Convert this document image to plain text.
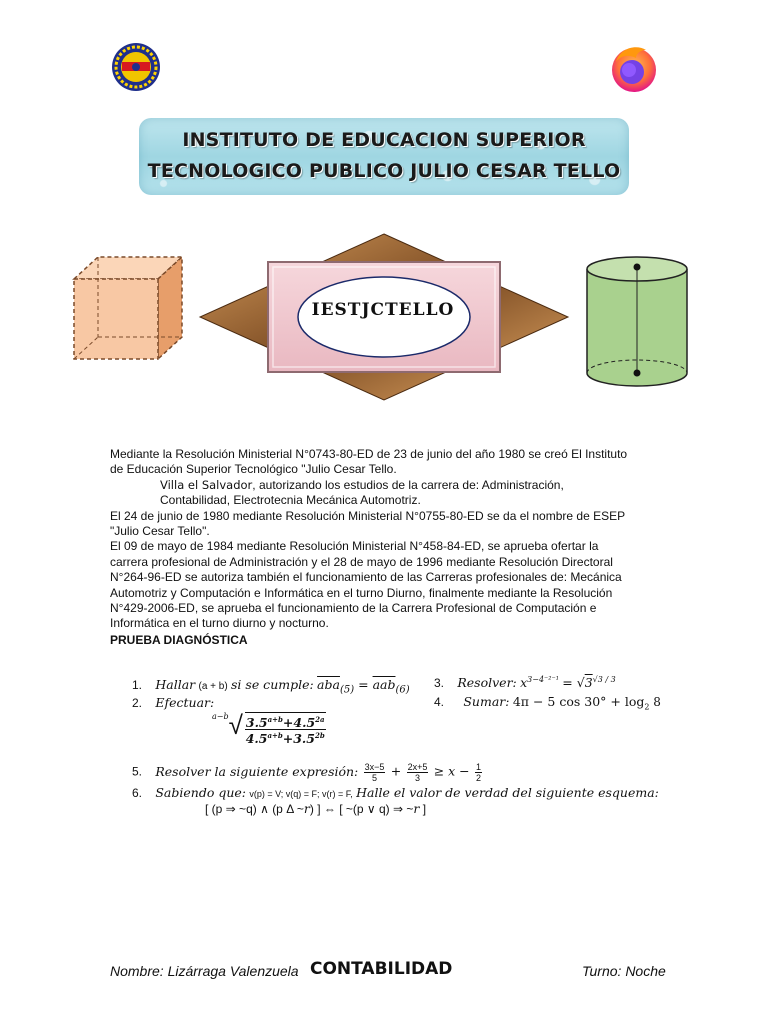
INSTITUTO DE EDUCACION SUPERIOR
TECNOLOGICO PUBLICO JULIO CESAR TELLO
IESTJCTELLO

Mediante la Resolución Ministerial N°0743-80-ED de 23 de junio del año 1980 se creó El Instituto de Educación Superior Tecnológico "Julio Cesar Tello.

Villa el Salvador, autorizando los estudios de la carrera de: Administración, Contabilidad, Electrotecnia Mecánica Automotriz.

El 24 de junio de 1980 mediante Resolución Ministerial N°0755-80-ED se da el nombre de ESEP "Julio Cesar Tello".

El 09 de mayo de 1984 mediante Resolución Ministerial N°458-84-ED, se aprueba ofertar la carrera profesional de Administración y el 28 de mayo de 1996 mediante Resolución Directoral N°264-96-ED se autoriza también el funcionamiento de las Carreras profesionales de: Mecánica Automotriz y Computación e Informática en el turno Diurno, finalmente mediante la Resolución N°429-2006-ED, se aprueba el funcionamiento de la Carrera Profesional de Computación e Informática en el turno diurno y nocturno.

PRUEBA DIAGNÓSTICA
1. Hallar (a + b) si se cumple: $\overline{aba}_{(5)} = \overline{aab}_{(6)}$ 3. Resolver: $x^{3-4^{-2-1}} = √3^{√3 / 3}$
2. Efectuar:
$^{a-b}√ \frac{3.5^{a+b}+4.5^{2a}}{4.5^{a+b}+3.5^{2b}}$
4. Sumar: 4π − 5 $\cos 30^\circ + \log_2 8$
5. Resolver la siguiente expresión: $\frac{3x-5}{5} + \frac{2x+5}{3} \ge x - \frac{1}{2}$
6. Sabiendo que: v(p) = V; v(q) = F; v(r) = F, Halle el valor de verdad del siguiente esquema:
[ (p ⇒ ~q) ∧ (p Δ ~r) ] ⇔ [ ~(p ∨ q) ⇒ ~r ]
Nombre: Lizárraga Valenzuela CONTABILIDAD	Turno: Noche
